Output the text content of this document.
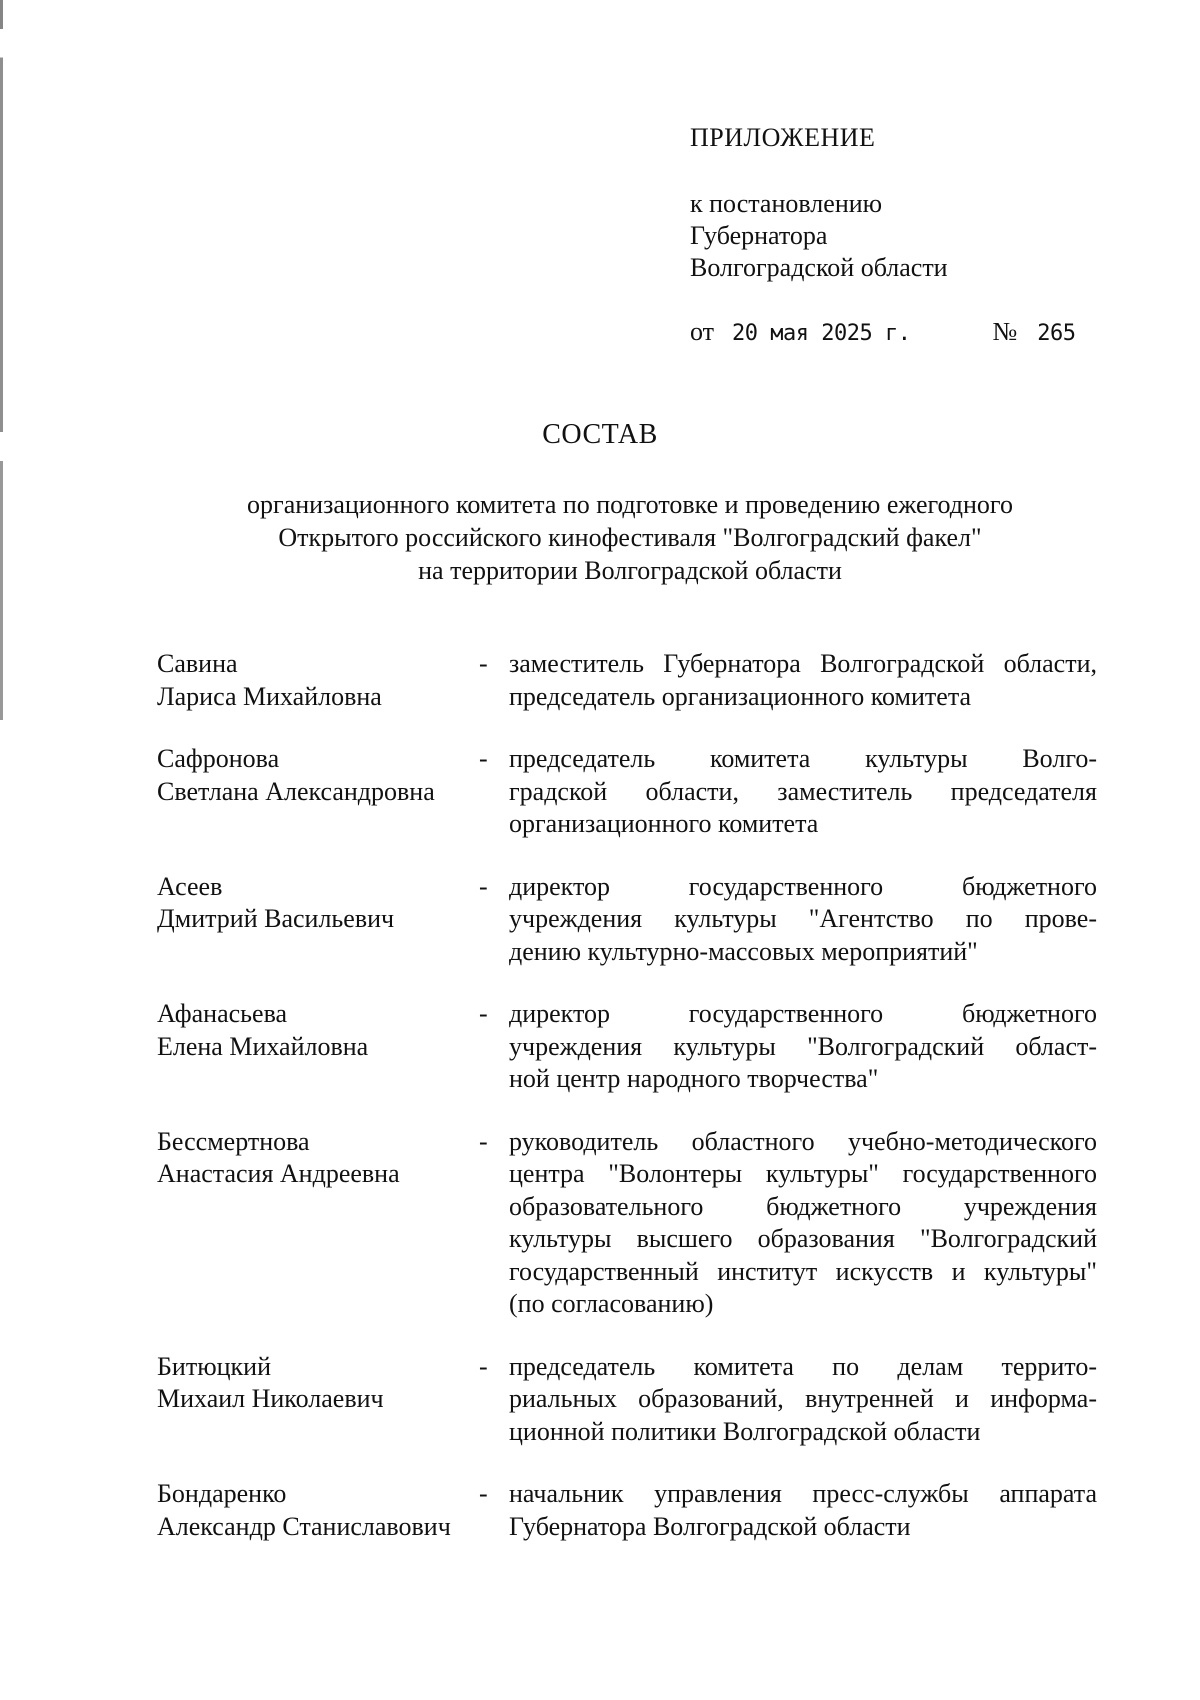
ПРИЛОЖЕНИЕ
к постановлению
Губернатора
Волгоградской области
от 20 мая 2025 г.	№ 265
СОСТАВ
организационного комитета по подготовке и проведению ежегодного
Открытого российского кинофестиваля "Волгоградский факел"
на территории Волгоградской области
Савина
Лариса Михайловна
- заместитель Губернатора Волгоградской области,
председатель организационного комитета
Сафронова
Светлана Александровна
- председатель комитета культуры Волго-
градской области, заместитель председателя
организационного комитета
Асеев
Дмитрий Васильевич
- директор государственного бюджетного
учреждения культуры "Агентство по прове-
дению культурно-массовых мероприятий"
Афанасьева
Елена Михайловна
- директор государственного бюджетного
учреждения культуры "Волгоградский област-
ной центр народного творчества"
Бессмертнова
Анастасия Андреевна
- руководитель областного учебно-методического
центра "Волонтеры культуры" государственного
образовательного бюджетного учреждения
культуры высшего образования "Волгоградский
государственный институт искусств и культуры"
(по согласованию)
Битюцкий
Михаил Николаевич
- председатель комитета по делам террито-
риальных образований, внутренней и информа-
ционной политики Волгоградской области
Бондаренко
Александр Станиславович
- начальник управления пресс-службы аппарата
Губернатора Волгоградской области
